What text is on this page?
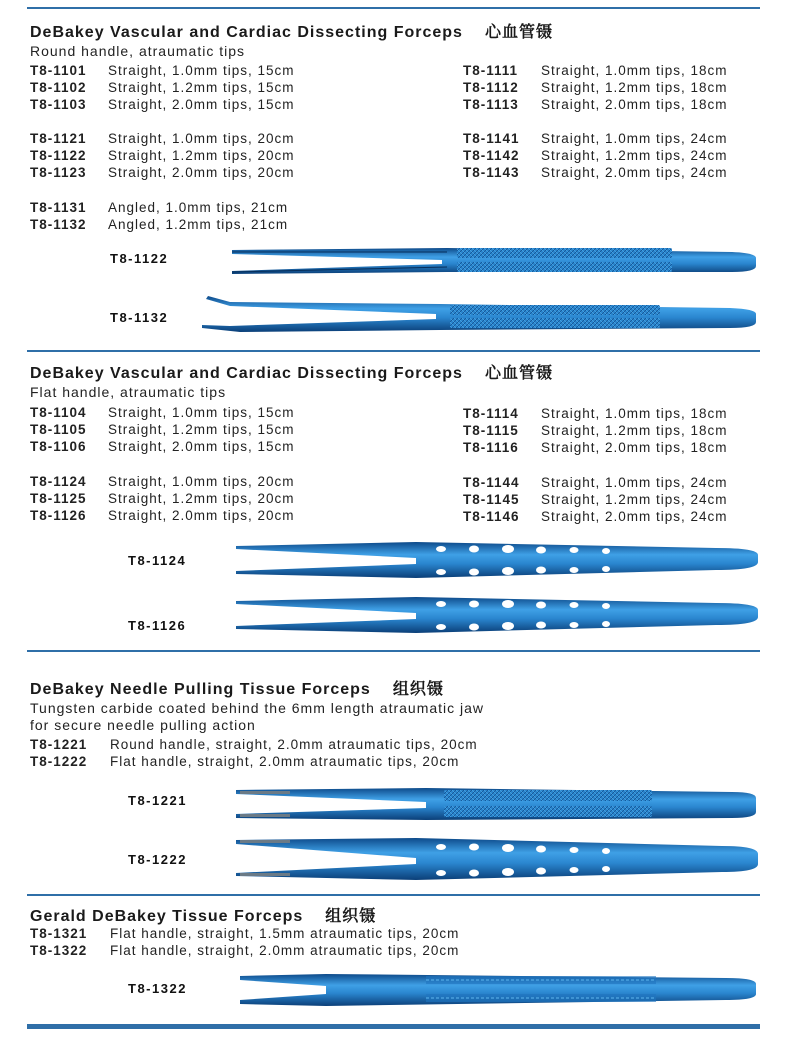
DeBakey Vascular and Cardiac Dissecting Forceps 心血管镊
Round handle, atraumatic tips
T8-1101 Straight, 1.0mm tips, 15cm
T8-1102 Straight, 1.2mm tips, 15cm
T8-1103 Straight, 2.0mm tips, 15cm
T8-1121 Straight, 1.0mm tips, 20cm
T8-1122 Straight, 1.2mm tips, 20cm
T8-1123 Straight, 2.0mm tips, 20cm
T8-1131 Angled, 1.0mm tips, 21cm
T8-1132 Angled, 1.2mm tips, 21cm
T8-1111 Straight, 1.0mm tips, 18cm
T8-1112 Straight, 1.2mm tips, 18cm
T8-1113 Straight, 2.0mm tips, 18cm
T8-1141 Straight, 1.0mm tips, 24cm
T8-1142 Straight, 1.2mm tips, 24cm
T8-1143 Straight, 2.0mm tips, 24cm
T8-1122
T8-1132
DeBakey Vascular and Cardiac Dissecting Forceps 心血管镊
Flat handle, atraumatic tips
T8-1104 Straight, 1.0mm tips, 15cm
T8-1105 Straight, 1.2mm tips, 15cm
T8-1106 Straight, 2.0mm tips, 15cm
T8-1124 Straight, 1.0mm tips, 20cm
T8-1125 Straight, 1.2mm tips, 20cm
T8-1126 Straight, 2.0mm tips, 20cm
T8-1114 Straight, 1.0mm tips, 18cm
T8-1115 Straight, 1.2mm tips, 18cm
T8-1116 Straight, 2.0mm tips, 18cm
T8-1144 Straight, 1.0mm tips, 24cm
T8-1145 Straight, 1.2mm tips, 24cm
T8-1146 Straight, 2.0mm tips, 24cm
T8-1124
T8-1126
DeBakey Needle Pulling Tissue Forceps 组织镊
Tungsten carbide coated behind the 6mm length atraumatic jaw
for secure needle pulling action
T8-1221 Round handle, straight, 2.0mm atraumatic tips, 20cm
T8-1222 Flat handle, straight, 2.0mm atraumatic tips, 20cm
T8-1221
T8-1222
Gerald DeBakey Tissue Forceps 组织镊
T8-1321 Flat handle, straight, 1.5mm atraumatic tips, 20cm
T8-1322 Flat handle, straight, 2.0mm atraumatic tips, 20cm
T8-1322
